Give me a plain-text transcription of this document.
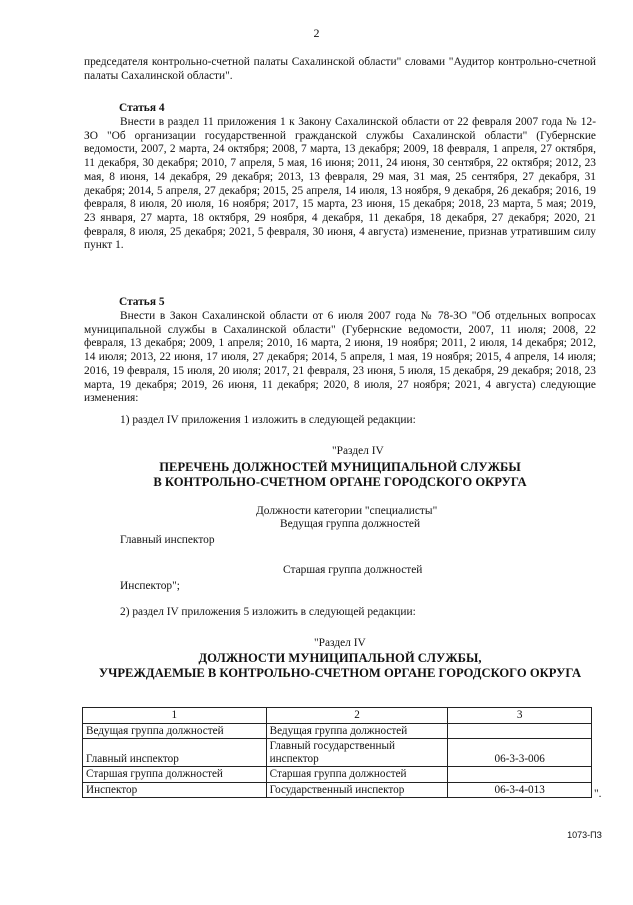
2
председателя контрольно-счетной палаты Сахалинской области" словами "Аудитор контрольно-счетной палаты Сахалинской области".
Статья 4
Внести в раздел 11 приложения 1 к Закону Сахалинской области от 22 февраля 2007 года № 12-ЗО "Об организации государственной гражданской службы Сахалинской области" (Губернские ведомости, 2007, 2 марта, 24 октября; 2008, 7 марта, 13 декабря; 2009, 18 февраля, 1 апреля, 27 октября, 11 декабря, 30 декабря; 2010, 7 апреля, 5 мая, 16 июня; 2011, 24 июня, 30 сентября, 22 октября; 2012, 23 мая, 8 июня, 14 декабря, 29 декабря; 2013, 13 февраля, 29 мая, 31 мая, 25 сентября, 27 декабря, 31 декабря; 2014, 5 апреля, 27 декабря; 2015, 25 апреля, 14 июля, 13 ноября, 9 декабря, 26 декабря; 2016, 19 февраля, 8 июля, 20 июля, 16 ноября; 2017, 15 марта, 23 июня, 15 декабря; 2018, 23 марта, 5 мая; 2019, 23 января, 27 марта, 18 октября, 29 ноября, 4 декабря, 11 декабря, 18 декабря, 27 декабря; 2020, 21 февраля, 8 июля, 25 декабря; 2021, 5 февраля, 30 июня, 4 августа) изменение, признав утратившим силу пункт 1.
Статья 5
Внести в Закон Сахалинской области от 6 июля 2007 года № 78-ЗО "Об отдельных вопросах муниципальной службы в Сахалинской области" (Губернские ведомости, 2007, 11 июля; 2008, 22 февраля, 13 декабря; 2009, 1 апреля; 2010, 16 марта, 2 июня, 19 ноября; 2011, 2 июля, 14 декабря; 2012, 14 июля; 2013, 22 июня, 17 июля, 27 декабря; 2014, 5 апреля, 1 мая, 19 ноября; 2015, 4 апреля, 14 июля; 2016, 19 февраля, 15 июля, 20 июля; 2017, 21 февраля, 23 июня, 5 июля, 15 декабря, 29 декабря; 2018, 23 марта, 19 декабря; 2019, 26 июня, 11 декабря; 2020, 8 июля, 27 ноября; 2021, 4 августа) следующие изменения:
1) раздел IV приложения 1 изложить в следующей редакции:
"Раздел IV
ПЕРЕЧЕНЬ ДОЛЖНОСТЕЙ МУНИЦИПАЛЬНОЙ СЛУЖБЫ
В КОНТРОЛЬНО-СЧЕТНОМ ОРГАНЕ ГОРОДСКОГО ОКРУГА
Должности категории "специалисты"
Ведущая группа должностей
Главный инспектор
Старшая группа должностей
Инспектор";
2) раздел IV приложения 5 изложить в следующей редакции:
"Раздел IV
ДОЛЖНОСТИ МУНИЦИПАЛЬНОЙ СЛУЖБЫ,
УЧРЕЖДАЕМЫЕ В КОНТРОЛЬНО-СЧЕТНОМ ОРГАНЕ ГОРОДСКОГО ОКРУГА
1	2	3
Ведущая группа должностей	Ведущая группа должностей	
Главный инспектор	Главный государственный инспектор	06-3-3-006
Старшая группа должностей	Старшая группа должностей	
Инспектор	Государственный инспектор	06-3-4-013	".
1073-ПЗ
